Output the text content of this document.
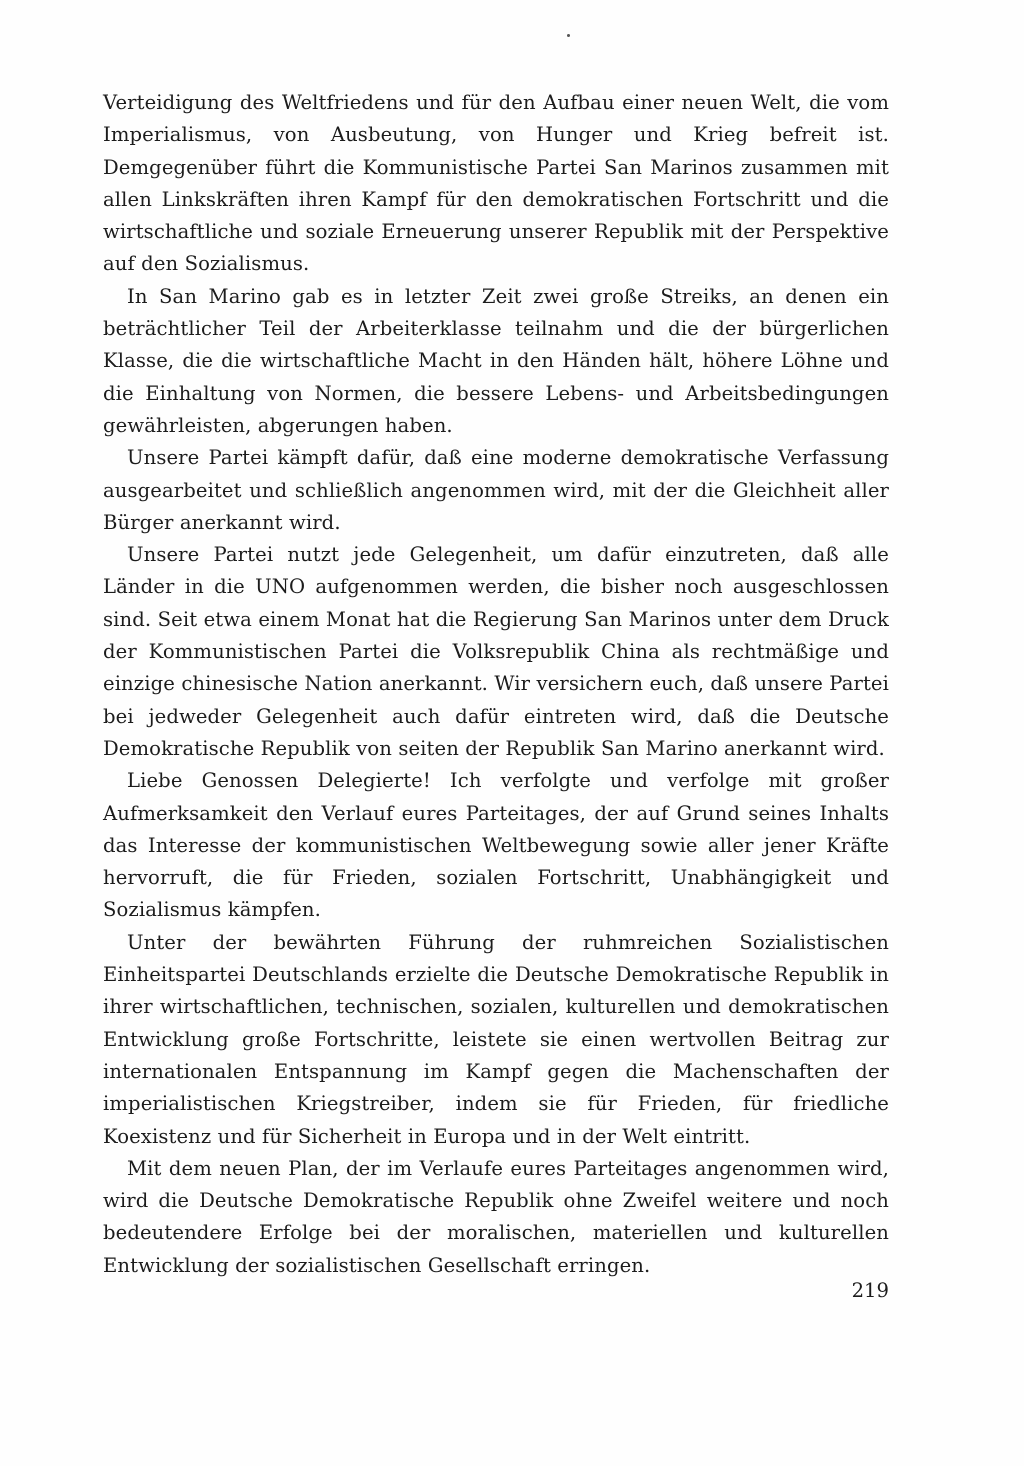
Verteidigung des Weltfriedens und für den Aufbau einer neuen Welt, die vom Imperialismus, von Ausbeutung, von Hunger und Krieg befreit ist. Demgegenüber führt die Kommunistische Partei San Marinos zusammen mit allen Linkskräften ihren Kampf für den demokratischen Fortschritt und die wirtschaftliche und soziale Erneuerung unserer Republik mit der Perspektive auf den Sozialismus.

In San Marino gab es in letzter Zeit zwei große Streiks, an denen ein beträchtlicher Teil der Arbeiterklasse teilnahm und die der bürgerlichen Klasse, die die wirtschaftliche Macht in den Händen hält, höhere Löhne und die Einhaltung von Normen, die bessere Lebens- und Arbeitsbedingungen gewährleisten, abgerungen haben.

Unsere Partei kämpft dafür, daß eine moderne demokratische Verfassung ausgearbeitet und schließlich angenommen wird, mit der die Gleichheit aller Bürger anerkannt wird.

Unsere Partei nutzt jede Gelegenheit, um dafür einzutreten, daß alle Länder in die UNO aufgenommen werden, die bisher noch ausgeschlossen sind. Seit etwa einem Monat hat die Regierung San Marinos unter dem Druck der Kommunistischen Partei die Volksrepublik China als rechtmäßige und einzige chinesische Nation anerkannt. Wir versichern euch, daß unsere Partei bei jedweder Gelegenheit auch dafür eintreten wird, daß die Deutsche Demokratische Republik von seiten der Republik San Marino anerkannt wird.

Liebe Genossen Delegierte! Ich verfolgte und verfolge mit großer Aufmerksamkeit den Verlauf eures Parteitages, der auf Grund seines Inhalts das Interesse der kommunistischen Weltbewegung sowie aller jener Kräfte hervorruft, die für Frieden, sozialen Fortschritt, Unabhängigkeit und Sozialismus kämpfen.

Unter der bewährten Führung der ruhmreichen Sozialistischen Einheitspartei Deutschlands erzielte die Deutsche Demokratische Republik in ihrer wirtschaftlichen, technischen, sozialen, kulturellen und demokratischen Entwicklung große Fortschritte, leistete sie einen wertvollen Beitrag zur internationalen Entspannung im Kampf gegen die Machenschaften der imperialistischen Kriegstreiber, indem sie für Frieden, für friedliche Koexistenz und für Sicherheit in Europa und in der Welt eintritt.

Mit dem neuen Plan, der im Verlaufe eures Parteitages angenommen wird, wird die Deutsche Demokratische Republik ohne Zweifel weitere und noch bedeutendere Erfolge bei der moralischen, materiellen und kulturellen Entwicklung der sozialistischen Gesellschaft erringen.

219
